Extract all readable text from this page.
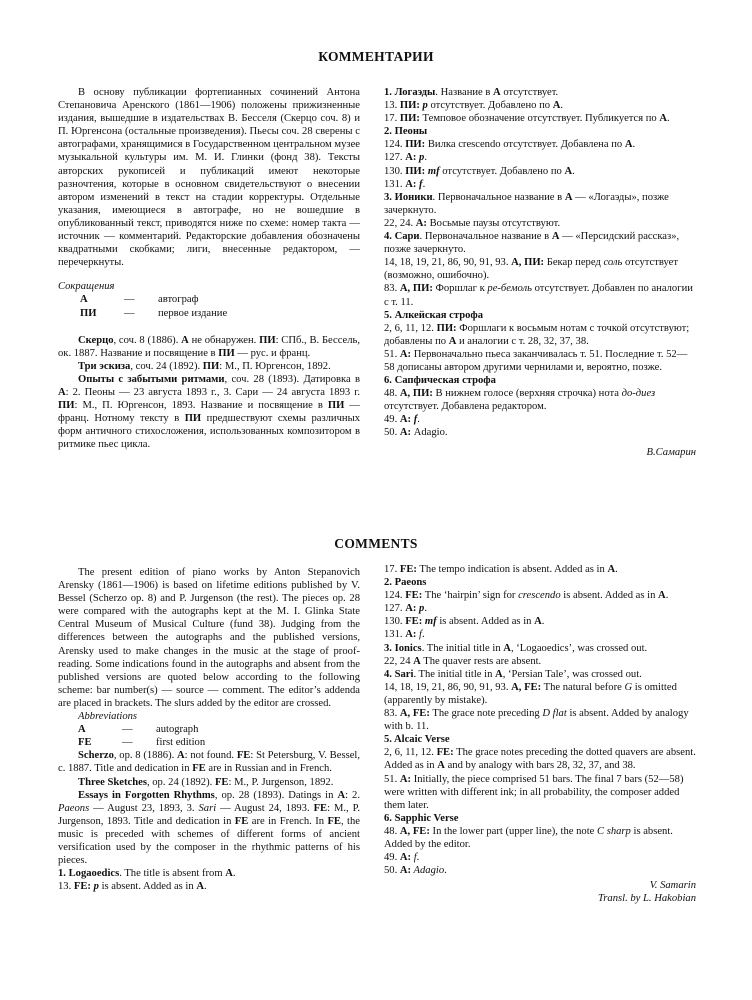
КОММЕНТАРИИ

В основу публикации фортепианных сочинений Антона Степановича Аренского (1861—1906) положены прижизненные издания, вышедшие в издательствах В. Бесселя (Скерцо соч. 8) и П. Юргенсона (остальные произведения). Пьесы соч. 28 сверены с автографами, хранящимися в Государственном центральном музее музыкальной культуры им. М. И. Глинки (фонд 38). Тексты авторских рукописей и публикаций имеют некоторые разночтения, которые в основном свидетельствуют о внесении автором изменений в текст на стадии корректуры. Отдельные указания, имеющиеся в автографе, но не вошедшие в опубликованный текст, приводятся ниже по схеме: номер такта — источник — комментарий. Редакторские добавления обозначены квадратными скобками; лиги, внесенные редактором, — перечеркнуты.

Сокращения

А	—	автограф
ПИ	—	первое издание

Скерцо, соч. 8 (1886). А не обнаружен. ПИ: СПб., В. Бессель, ок. 1887. Название и посвящение в ПИ — рус. и франц.

Три эскиза, соч. 24 (1892). ПИ: М., П. Юргенсон, 1892.

Опыты с забытыми ритмами, соч. 28 (1893). Датировка в А: 2. Пеоны — 23 августа 1893 г., 3. Сари — 24 августа 1893 г. ПИ: М., П. Юргенсон, 1893. Название и посвящение в ПИ — франц. Нотному тексту в ПИ предшествуют схемы различных форм античного стихосложения, использованных композитором в ритмике пьес цикла.

1. Логаэды. Название в А отсутствует.

13. ПИ: p отсутствует. Добавлено по А.

17. ПИ: Темповое обозначение отсутствует. Публикуется по А.

2. Пеоны

124. ПИ: Вилка crescendo отсутствует. Добавлена по А.

127. А: p.

130. ПИ: mf отсутствует. Добавлено по А.

131. А: f.

3. Ионики. Первоначальное название в А — «Логаэды», позже зачеркнуто.

22, 24. А: Восьмые паузы отсутствуют.

4. Сари. Первоначальное название в А — «Персидский рассказ», позже зачеркнуто.

14, 18, 19, 21, 86, 90, 91, 93. А, ПИ: Бекар перед соль отсутствует (возможно, ошибочно).

83. А, ПИ: Форшлаг к ре-бемоль отсутствует. Добавлен по аналогии с т. 11.

5. Алкейская строфа

2, 6, 11, 12. ПИ: Форшлаги к восьмым нотам с точкой отсутствуют; добавлены по А и аналогии с т. 28, 32, 37, 38.

51. А: Первоначально пьеса заканчивалась т. 51. Последние т. 52—58 дописаны автором другими чернилами и, вероятно, позже.

6. Сапфическая строфа

48. А, ПИ: В нижнем голосе (верхняя строчка) нота до-диез отсутствует. Добавлена редактором.

49. А: f.

50. А: Adagio.

В.Самарин

COMMENTS

The present edition of piano works by Anton Stepanovich Arensky (1861—1906) is based on lifetime editions published by V. Bessel (Scherzo op. 8) and P. Jurgenson (the rest). The pieces op. 28 were compared with the autographs kept at the M. I. Glinka State Central Museum of Musical Culture (fund 38). Judging from the differences between the autographs and the published versions, Arensky used to make changes in the music at the stage of proof-reading. Some indications found in the autographs and absent from the published versions are quoted below according to the following scheme: bar number(s) — source — comment. The editor’s addenda are placed in brackets. The slurs added by the editor are crossed.

Abbreviations

A	—	autograph
FE	—	first edition

Scherzo, op. 8 (1886). A: not found. FE: St Petersburg, V. Bessel, c. 1887. Title and dedication in FE are in Russian and in French.

Three Sketches, op. 24 (1892). FE: M., P. Jurgenson, 1892.

Essays in Forgotten Rhythms, op. 28 (1893). Datings in A: 2. Paeons — August 23, 1893, 3. Sari — August 24, 1893. FE: M., P. Jurgenson, 1893. Title and dedication in FE are in French. In FE, the music is preceded with schemes of different forms of ancient versification used by the composer in the rhythmic patterns of his pieces.

1. Logaoedics. The title is absent from A.

13. FE: p is absent. Added as in A.

17. FE: The tempo indication is absent. Added as in A.

2. Paeons

124. FE: The ‘hairpin’ sign for crescendo is absent. Added as in A.

127. A: p.

130. FE: mf is absent. Added as in A.

131. A: f.

3. Ionics. The initial title in A, ‘Logaoedics’, was crossed out.

22, 24 A The quaver rests are absent.

4. Sari. The initial title in A, ‘Persian Tale’, was crossed out.

14, 18, 19, 21, 86, 90, 91, 93. A, FE: The natural before G is omitted (apparently by mistake).

83. A, FE: The grace note preceding D flat is absent. Added by analogy with b. 11.

5. Alcaic Verse

2, 6, 11, 12. FE: The grace notes preceding the dotted quavers are absent. Added as in A and by analogy with bars 28, 32, 37, and 38.

51. A: Initially, the piece comprised 51 bars. The final 7 bars (52—58) were written with different ink; in all probability, the composer added them later.

6. Sapphic Verse

48. A, FE: In the lower part (upper line), the note C sharp is absent. Added by the editor.

49. A: f.

50. A: Adagio.

V. Samarin

Transl. by L. Hakobian
